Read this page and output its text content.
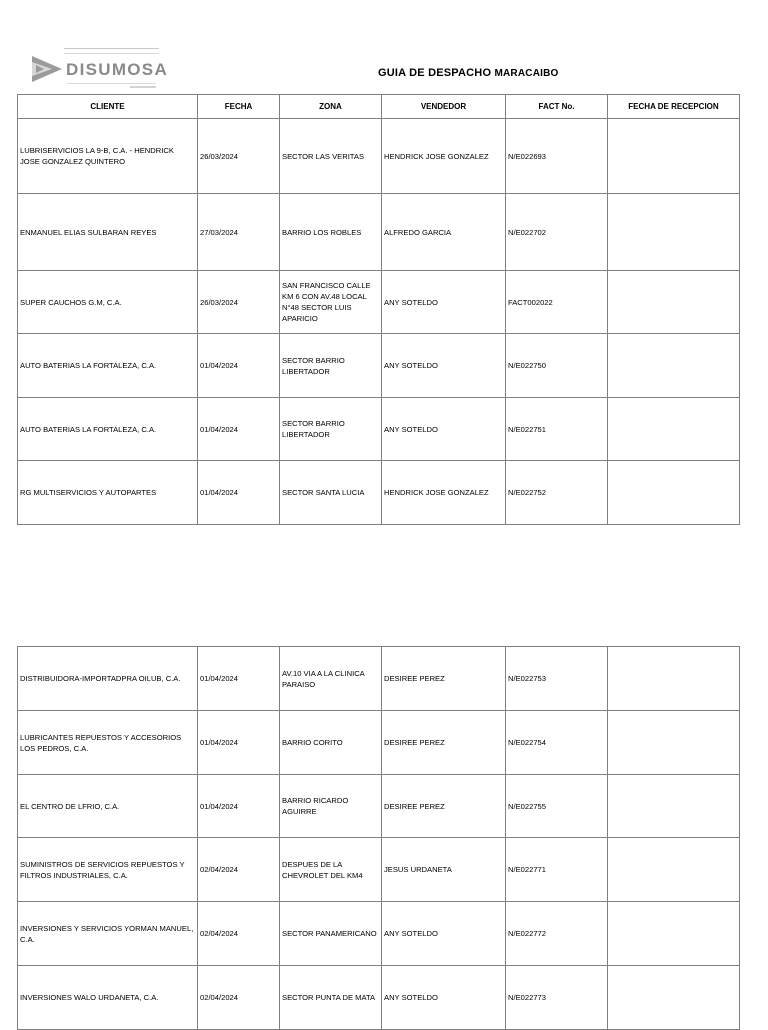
DISUMOSA	GUIA DE DESPACHO MARACAIBO
CLIENTE	FECHA	ZONA	VENDEDOR	FACT No.	FECHA DE RECEPCION
LUBRISERVICIOS LA 9-B, C.A. - HENDRICK JOSE GONZALEZ QUINTERO	26/03/2024	SECTOR LAS VERITAS	HENDRICK JOSE GONZALEZ	N/E022693	
ENMANUEL ELIAS SULBARAN REYES	27/03/2024	BARRIO LOS ROBLES	ALFREDO GARCIA	N/E022702	
SUPER CAUCHOS G.M, C.A.	26/03/2024	SAN FRANCISCO CALLE KM 6 CON AV.48 LOCAL N°48 SECTOR LUIS APARICIO	ANY SOTELDO	FACT002022	
AUTO BATERIAS LA FORTALEZA, C.A.	01/04/2024	SECTOR BARRIO LIBERTADOR	ANY SOTELDO	N/E022750	
AUTO BATERIAS LA FORTALEZA, C.A.	01/04/2024	SECTOR BARRIO LIBERTADOR	ANY SOTELDO	N/E022751	
RG MULTISERVICIOS Y AUTOPARTES	01/04/2024	SECTOR SANTA LUCIA	HENDRICK JOSE GONZALEZ	N/E022752	
DISTRIBUIDORA-IMPORTADPRA OILUB, C.A.	01/04/2024	AV.10 VIA A LA CLINICA PARAISO	DESIREE PEREZ	N/E022753	
LUBRICANTES REPUESTOS Y ACCESORIOS LOS PEDROS, C.A.	01/04/2024	BARRIO CORITO	DESIREE PEREZ	N/E022754	
EL CENTRO DE LFRIO, C.A.	01/04/2024	BARRIO RICARDO AGUIRRE	DESIREE PEREZ	N/E022755	
SUMINISTROS DE SERVICIOS REPUESTOS Y FILTROS INDUSTRIALES, C.A.	02/04/2024	DESPUES DE LA CHEVROLET DEL KM4	JESUS URDANETA	N/E022771	
INVERSIONES Y SERVICIOS YORMAN MANUEL, C.A.	02/04/2024	SECTOR PANAMERICANO	ANY SOTELDO	N/E022772	
INVERSIONES WALO URDANETA, C.A.	02/04/2024	SECTOR PUNTA DE MATA	ANY SOTELDO	N/E022773	
